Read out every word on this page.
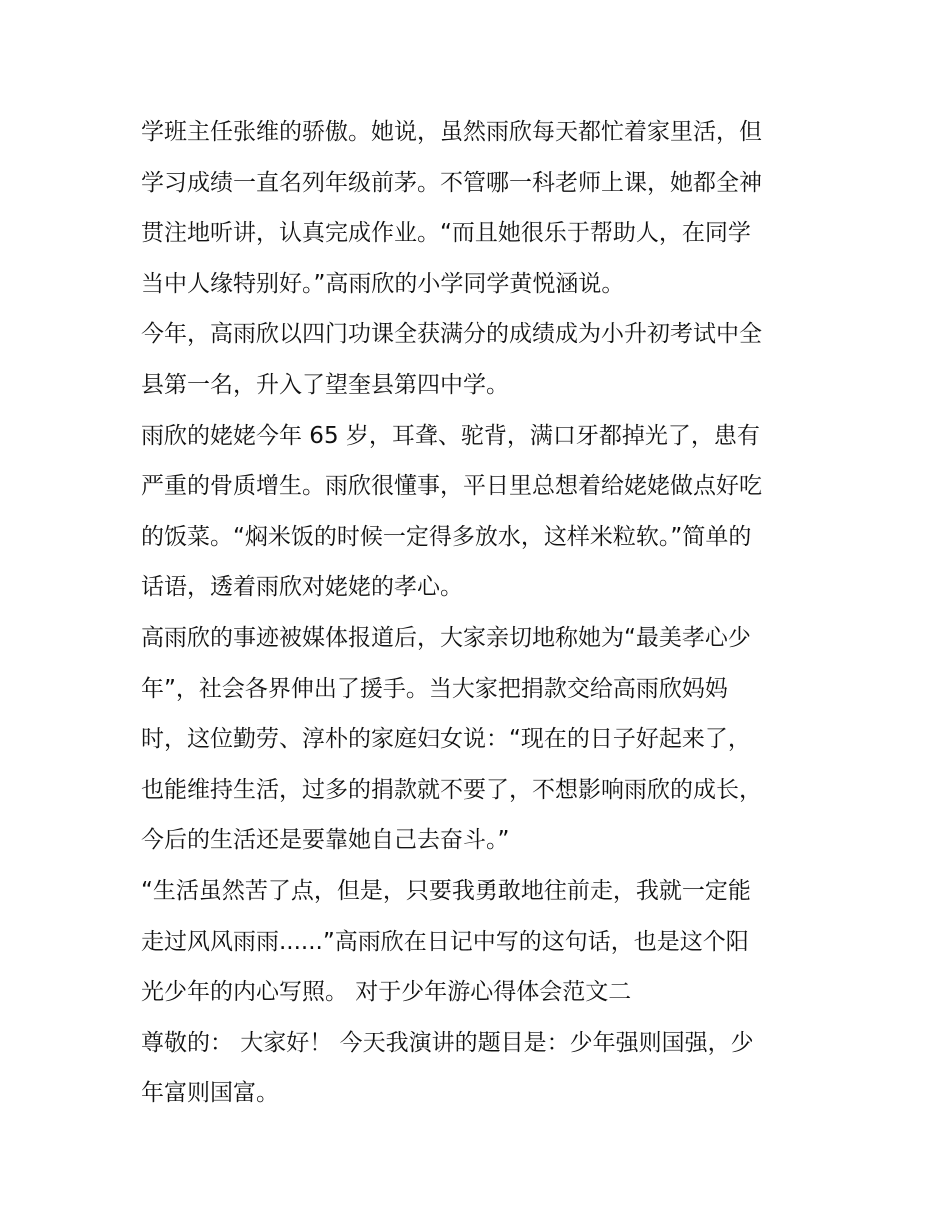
学班主任张维的骄傲。她说，虽然雨欣每天都忙着家里活，但
学习成绩一直名列年级前茅。不管哪一科老师上课，她都全神
贯注地听讲，认真完成作业。“而且她很乐于帮助人，在同学
当中人缘特别好。”高雨欣的小学同学黄悦涵说。
今年，高雨欣以四门功课全获满分的成绩成为小升初考试中全
县第一名，升入了望奎县第四中学。
雨欣的姥姥今年 65 岁，耳聋、驼背，满口牙都掉光了，患有
严重的骨质增生。雨欣很懂事，平日里总想着给姥姥做点好吃
的饭菜。“焖米饭的时候一定得多放水，这样米粒软。”简单的
话语，透着雨欣对姥姥的孝心。
高雨欣的事迹被媒体报道后，大家亲切地称她为“最美孝心少
年”，社会各界伸出了援手。当大家把捐款交给高雨欣妈妈
时，这位勤劳、淳朴的家庭妇女说：“现在的日子好起来了，
也能维持生活，过多的捐款就不要了，不想影响雨欣的成长，
今后的生活还是要靠她自己去奋斗。”
“生活虽然苦了点，但是，只要我勇敢地往前走，我就一定能
走过风风雨雨......”高雨欣在日记中写的这句话，也是这个阳
光少年的内心写照。 对于少年游心得体会范文二
尊敬的： 大家好！ 今天我演讲的题目是：少年强则国强，少
年富则国富。
